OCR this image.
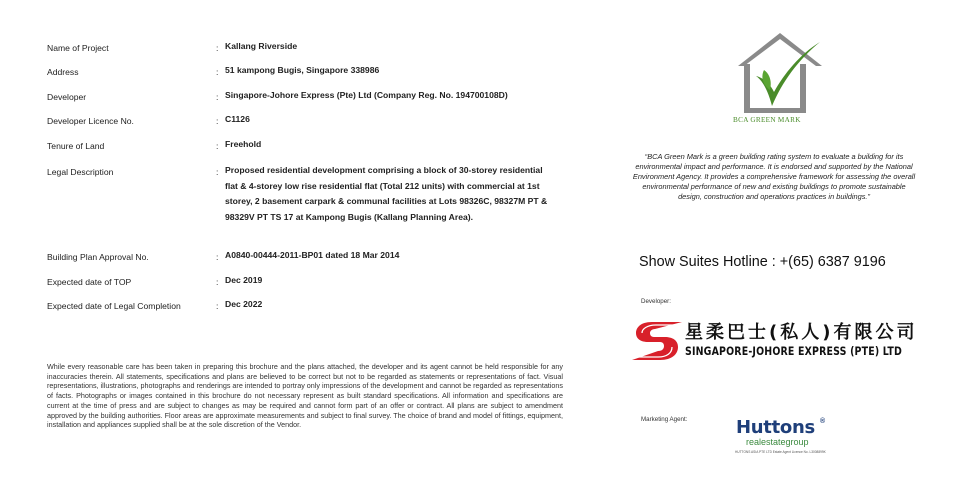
Name of Project	: Kallang Riverside
Address	: 51 kampong Bugis, Singapore 338986
Developer	: Singapore-Johore Express (Pte) Ltd (Company Reg. No. 194700108D)
Developer Licence No.	: C1126
Tenure of Land	: Freehold
Legal Description	: Proposed residential development comprising a block of 30-storey residential flat & 4-storey low rise residential flat (Total 212 units) with commercial at 1st storey, 2 basement carpark & communal facilities at Lots 98326C, 98327M PT & 98329V PT TS 17 at Kampong Bugis (Kallang Planning Area).
Building Plan Approval No.	: A0840-00444-2011-BP01 dated 18 Mar 2014
Expected date of TOP	: Dec 2019
Expected date of Legal Completion	: Dec 2022
While every reasonable care has been taken in preparing this brochure and the plans attached, the developer and its agent cannot be held responsible for any inaccuracies therein. All statements, specifications and plans are believed to be correct but not to be regarded as statements or representations of fact. Visual representations, illustrations, photographs and renderings are intended to portray only impressions of the development and cannot be regarded as representations of facts. Photographs or images contained in this brochure do not necessary represent as built standard specifications. All information and specifications are current at the time of press and are subject to changes as may be required and cannot form part of an offer or contract. All plans are subject to amendment approved by the building authorities. Floor areas are approximate measurements and subject to final survey. The choice of brand and model of fittings, equipment, installation and appliances supplied shall be at the sole discretion of the Vendor.
BCA GREEN MARK
“BCA Green Mark is a green building rating system to evaluate a building for its environmental impact and performance. It is endorsed and supported by the National Environment Agency. It provides a comprehensive framework for assessing the overall environmental performance of new and existing buildings to promote sustainable design, construction and operations practices in buildings.”
Show Suites Hotline : +(65) 6387 9196
Developer:
星柔巴士(私人)有限公司
SINGAPORE-JOHORE EXPRESS (PTE) LTD
Marketing Agent:	Huttons ®
realestategroup
HUTTONS ASIA PTE LTD Estate Agent Licence No. L3008899K
